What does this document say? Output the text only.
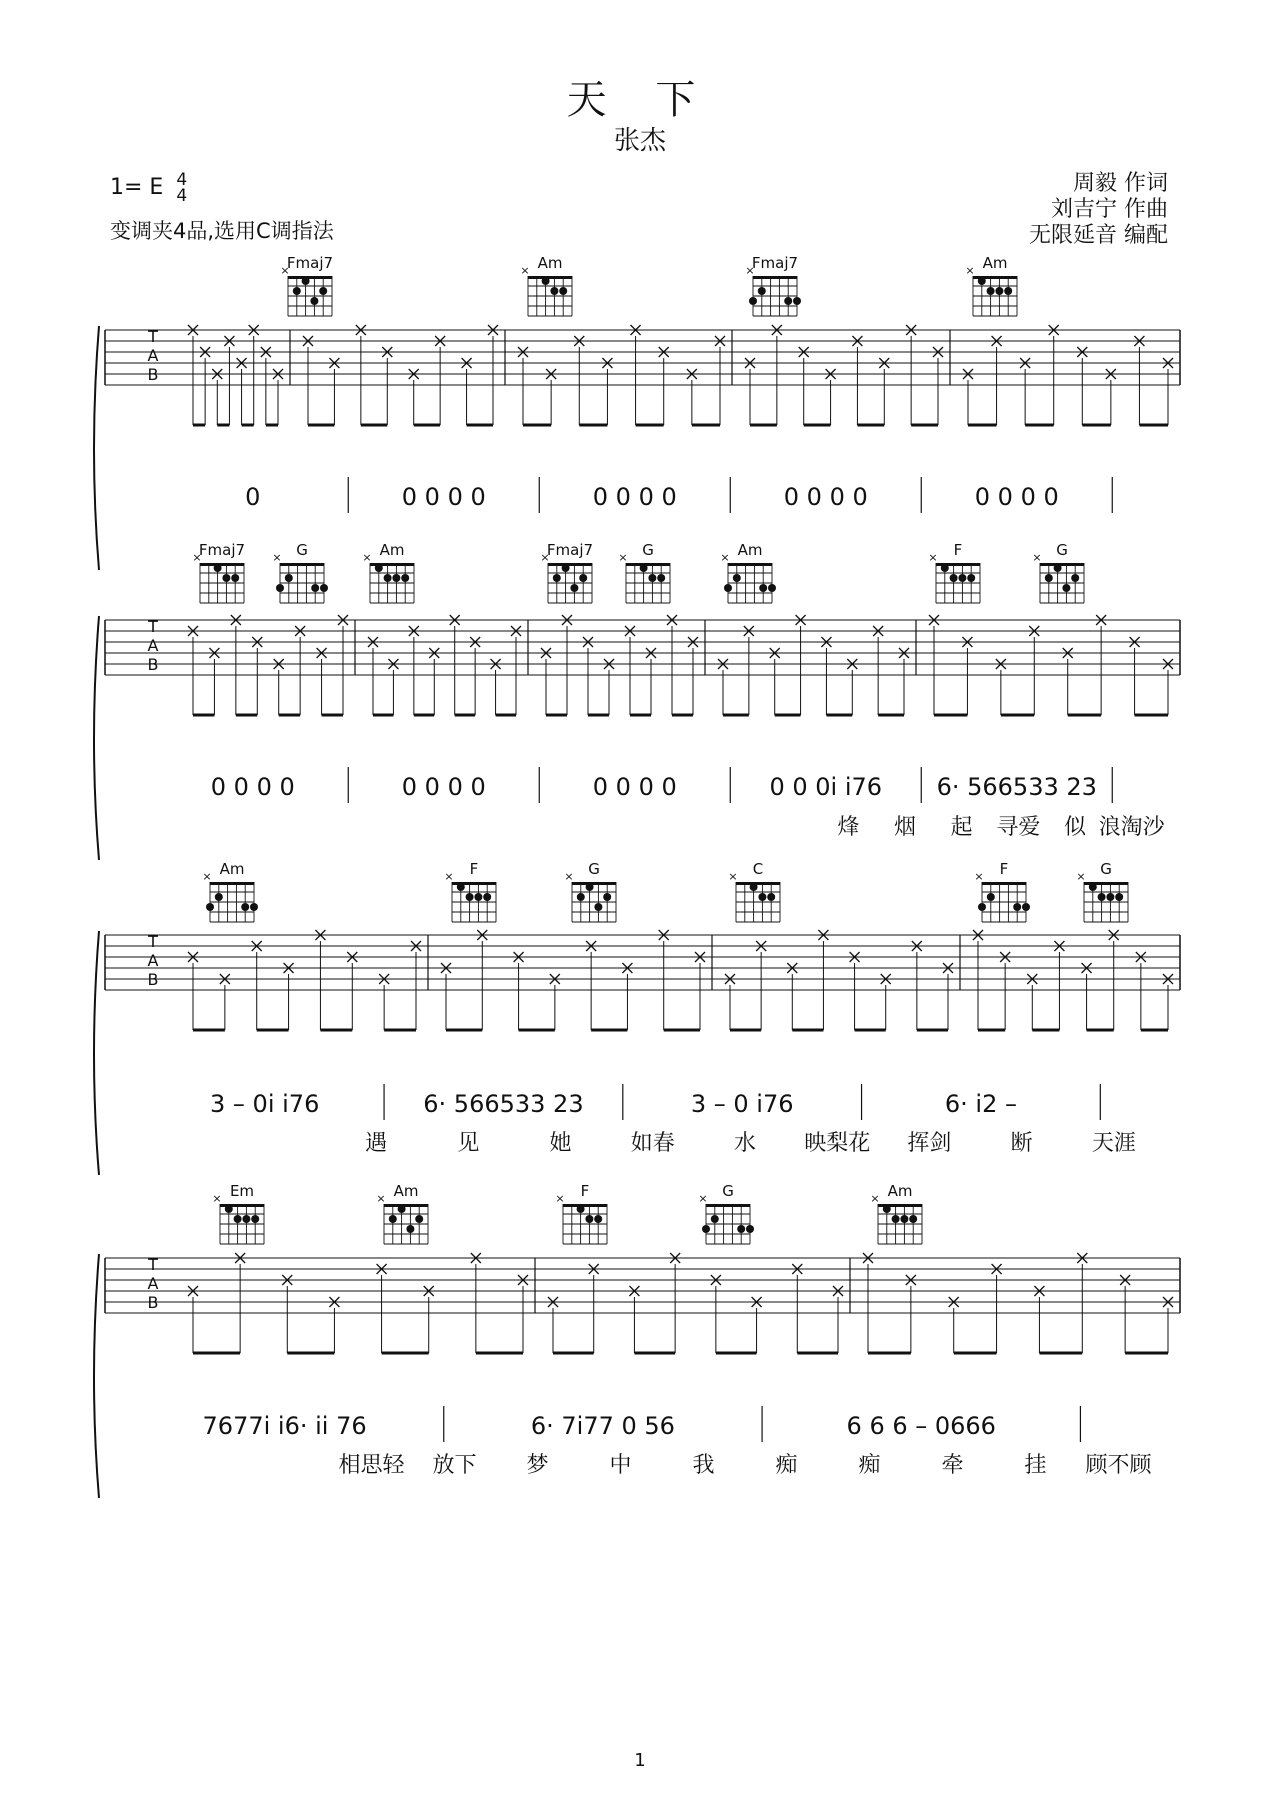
天 下
张杰
1= E 4
4
变调夹4品,选用C调指法
周毅 作词
刘吉宁 作曲
无限延音 编配
Fmaj7
×	Am
×	Fmaj7
×	Am
×
T
A
B
0	0 0 0 0	0 0 0 0	0 0 0 0	0 0 0 0
Fmaj7
×	G
×	Am
×	Fmaj7
×	G
×	Am
×	F
×	G
×
T
A
B
0 0 0 0	0 0 0 0	0 0 0 0	0 0 0i i76 6· 566533 23
烽 烟 起 寻爱 似 浪淘沙
Am
×	F
×	G
×	C
×	F
×	G
×
T
A
B
3 – 0i i76	6· 566533 23	3 – 0 i76	6· i2 –
遇	见	她	如春	水 映梨花 挥剑	断	天涯
Em
×	Am
×	F
×	G
×	Am
×
T
A
B
7677i i6· ii 76	6· 7i77 0 56	6 6 6 – 0666
相思轻 放下 梦	中	我	痴	痴	牵	挂 顾不顾
1
